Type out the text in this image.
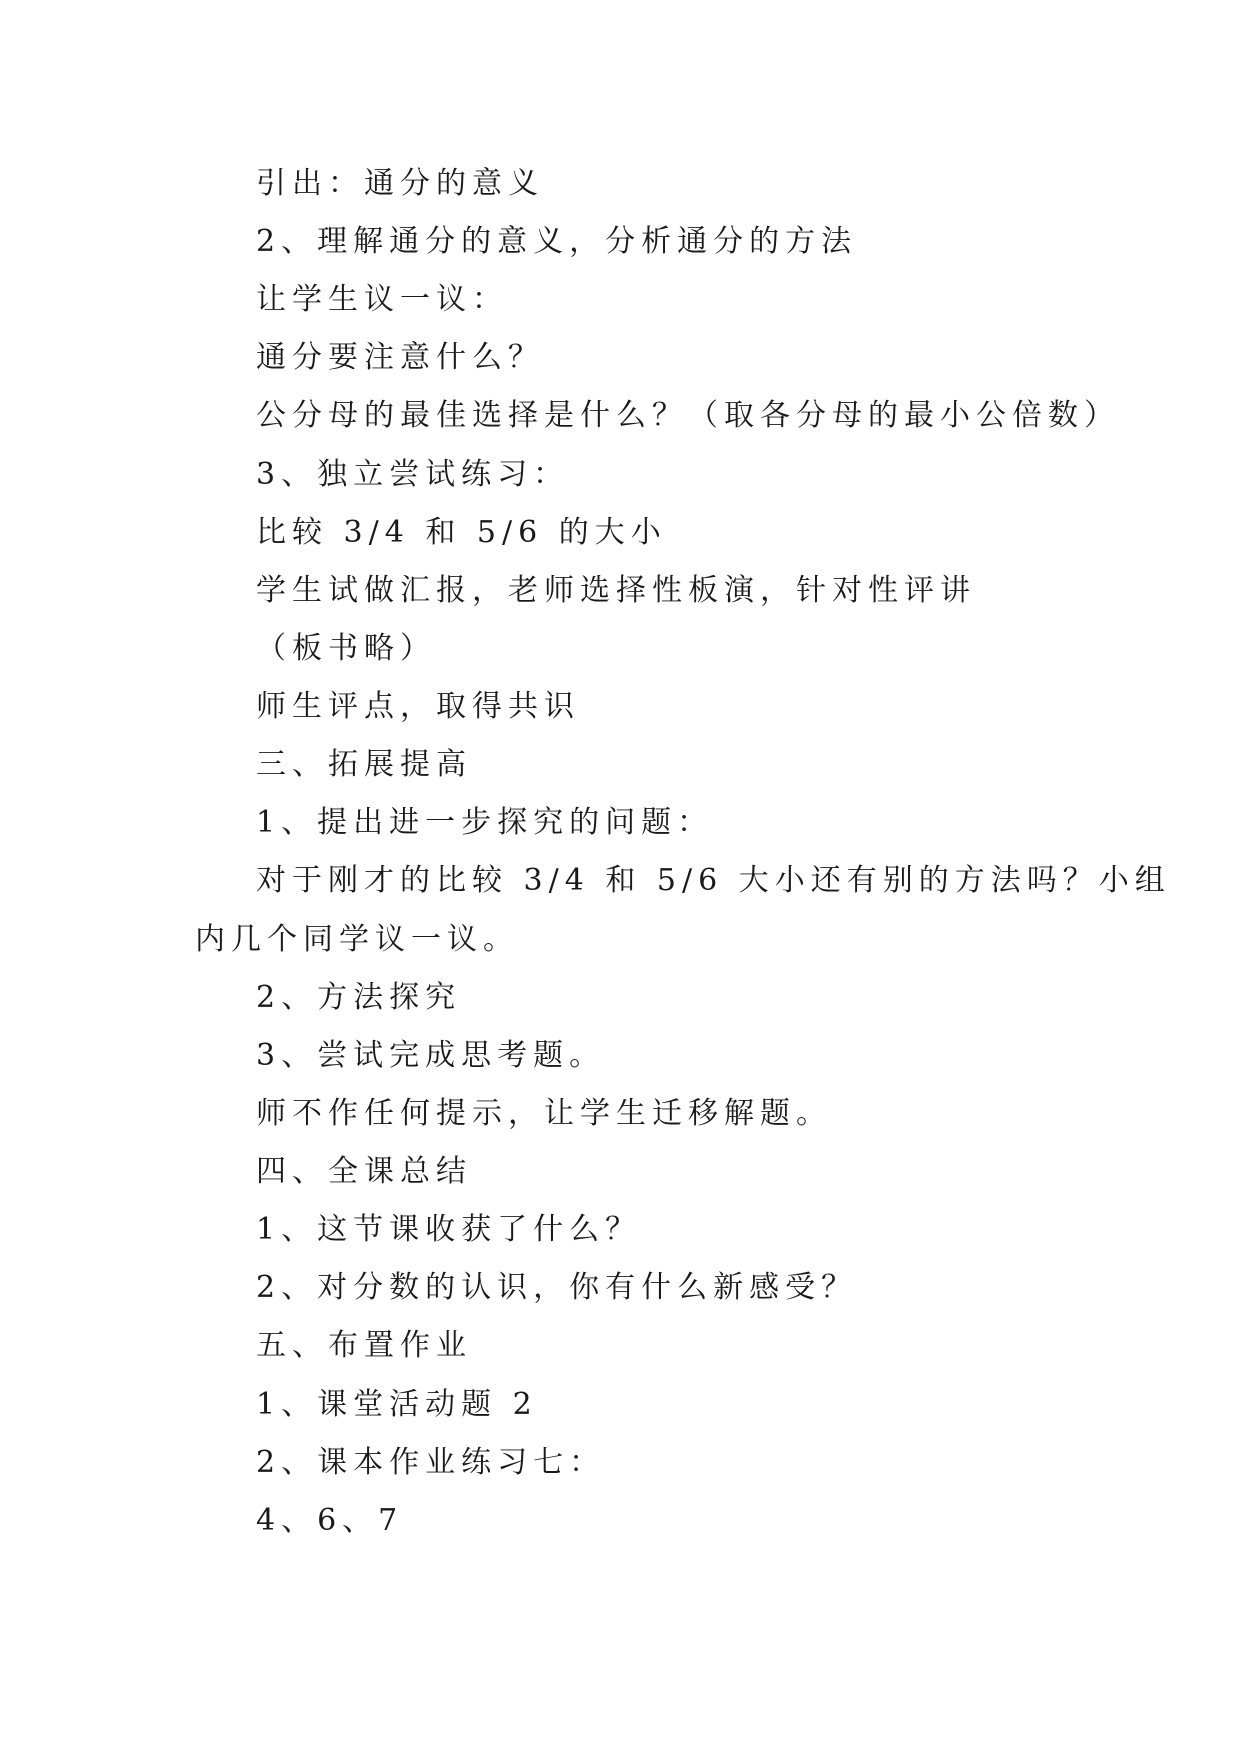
引出：通分的意义

2、理解通分的意义，分析通分的方法

让学生议一议：

通分要注意什么？

公分母的最佳选择是什么？（取各分母的最小公倍数）

3、独立尝试练习：

比较 3/4 和 5/6 的大小

学生试做汇报，老师选择性板演，针对性评讲

（板书略）

师生评点，取得共识

三、拓展提高

1、提出进一步探究的问题：

对于刚才的比较 3/4 和 5/6 大小还有别的方法吗？小组

内几个同学议一议。

2、方法探究

3、尝试完成思考题。

师不作任何提示，让学生迁移解题。

四、全课总结

1、这节课收获了什么？

2、对分数的认识，你有什么新感受？

五、布置作业

1、课堂活动题 2

2、课本作业练习七：

4、6、7
